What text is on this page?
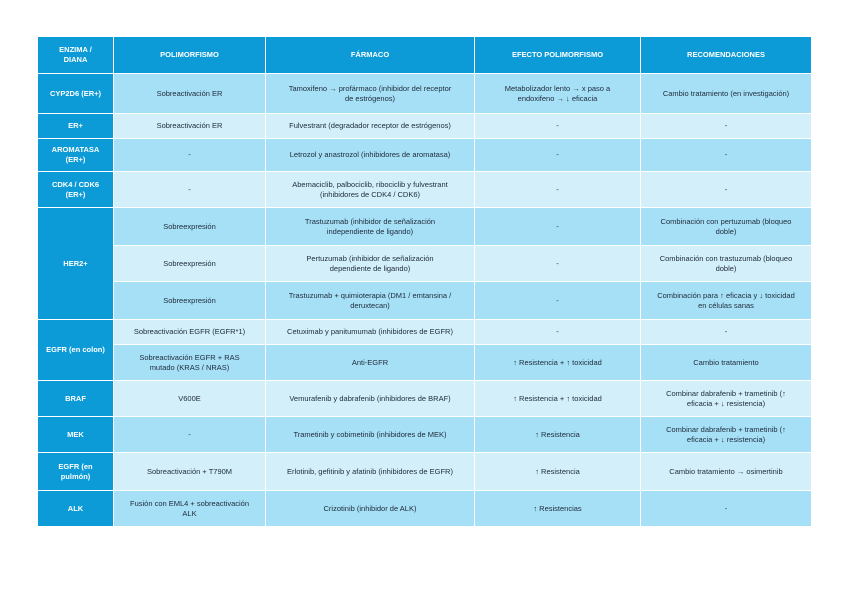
ENZIMA /
DIANA	POLIMORFISMO	FÁRMACO	EFECTO POLIMORFISMO	RECOMENDACIONES
CYP2D6 (ER+)	Sobreactivación ER	Tamoxifeno → profármaco (inhibidor del receptor
de estrógenos)	Metabolizador lento → x paso a
endoxifeno → ↓ eficacia	Cambio tratamiento (en investigación)
ER+	Sobreactivación ER	Fulvestrant (degradador receptor de estrógenos)	-	-
AROMATASA
(ER+)	-	Letrozol y anastrozol (inhibidores de aromatasa)	-	-
CDK4 / CDK6
(ER+)	-	Abemaciclib, palbociclib, ribociclib y fulvestrant
(inhibidores de CDK4 / CDK6)	-	-
HER2+	Sobreexpresión	Trastuzumab (inhibidor de señalización
independiente de ligando)	-	Combinación con pertuzumab (bloqueo
doble)
	Sobreexpresión	Pertuzumab (inhibidor de señalización
dependiente de ligando)	-	Combinación con trastuzumab (bloqueo
doble)
	Sobreexpresión	Trastuzumab + quimioterapia (DM1 / emtansina /
deruxtecan)	-	Combinación para ↑ eficacia y ↓ toxicidad
en células sanas
EGFR (en colon)	Sobreactivación EGFR (EGFR*1)	Cetuximab y panitumumab (inhibidores de EGFR)	-	-
	Sobreactivación EGFR + RAS
mutado (KRAS / NRAS)	Anti-EGFR	↑ Resistencia + ↑ toxicidad	Cambio tratamiento
BRAF	V600E	Vemurafenib y dabrafenib (inhibidores de BRAF)	↑ Resistencia + ↑ toxicidad	Combinar dabrafenib + trametinib (↑
eficacia + ↓ resistencia)
MEK	-	Trametinib y cobimetinib (inhibidores de MEK)	↑ Resistencia	Combinar dabrafenib + trametinib (↑
eficacia + ↓ resistencia)
EGFR (en
pulmón)	Sobreactivación + T790M	Erlotinib, gefitinib y afatinib (inhibidores de EGFR)	↑ Resistencia	Cambio tratamiento → osimertinib
ALK	Fusión con EML4 + sobreactivación
ALK	Crizotinib (inhibidor de ALK)	↑ Resistencias	-
